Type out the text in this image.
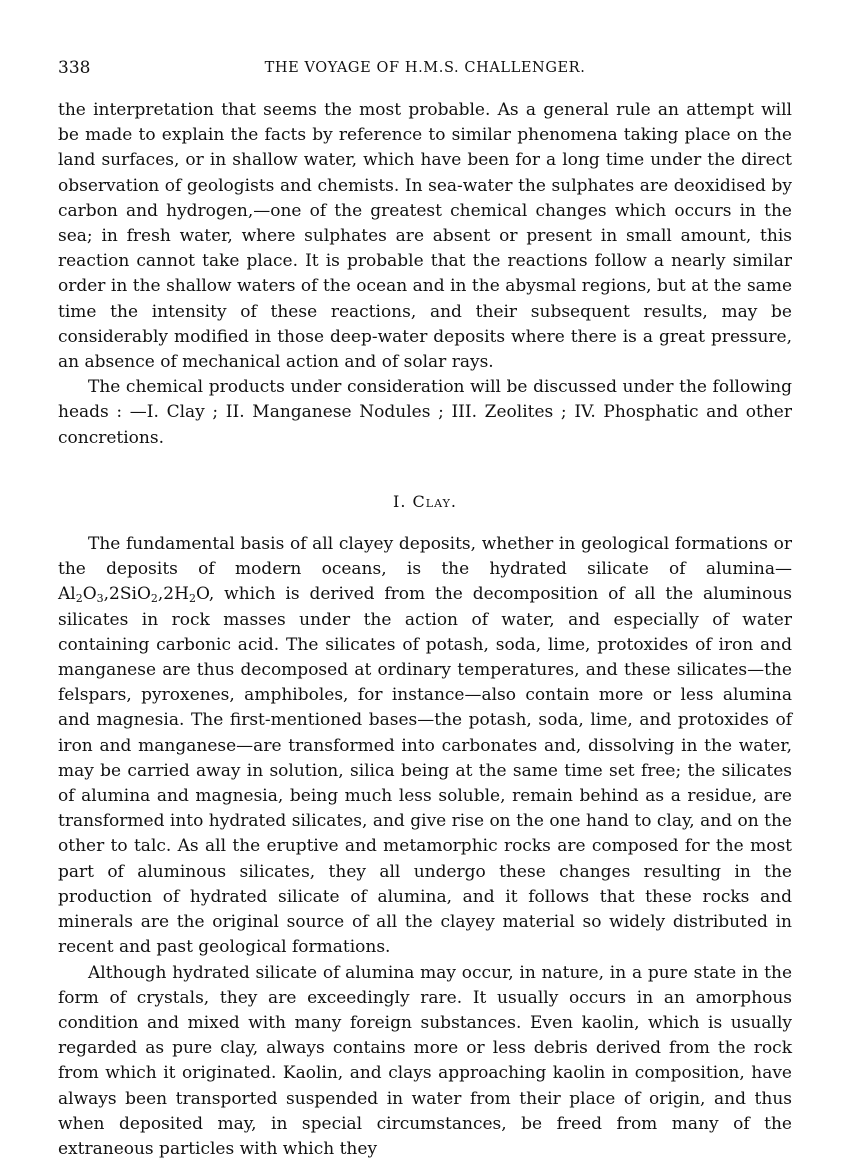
338	THE VOYAGE OF H.M.S. CHALLENGER.

the interpretation that seems the most probable. As a general rule an attempt will be made to explain the facts by reference to similar phenomena taking place on the land surfaces, or in shallow water, which have been for a long time under the direct observation of geologists and chemists. In sea-water the sulphates are deoxidised by carbon and hydrogen,—one of the greatest chemical changes which occurs in the sea; in fresh water, where sulphates are absent or present in small amount, this reaction cannot take place. It is probable that the reactions follow a nearly similar order in the shallow waters of the ocean and in the abysmal regions, but at the same time the intensity of these reactions, and their subsequent results, may be considerably modified in those deep-water deposits where there is a great pressure, an absence of mechanical action and of solar rays.

The chemical products under consideration will be discussed under the following heads : —I. Clay ; II. Manganese Nodules ; III. Zeolites ; IV. Phosphatic and other concretions.

I. Clay.

The fundamental basis of all clayey deposits, whether in geological formations or the deposits of modern oceans, is the hydrated silicate of $alumina—Al_2O_3,2SiO_2,2H_2O$, which is derived from the decomposition of all the aluminous silicates in rock masses under the action of water, and especially of water containing carbonic acid. The silicates of potash, soda, lime, protoxides of iron and manganese are thus decomposed at ordinary temperatures, and these silicates—the felspars, pyroxenes, amphiboles, for instance—also contain more or less alumina and magnesia. The first-mentioned bases—the potash, soda, lime, and protoxides of iron and manganese—are transformed into carbonates and, dissolving in the water, may be carried away in solution, silica being at the same time set free; the silicates of alumina and magnesia, being much less soluble, remain behind as a residue, are transformed into hydrated silicates, and give rise on the one hand to clay, and on the other to talc. As all the eruptive and metamorphic rocks are composed for the most part of aluminous silicates, they all undergo these changes resulting in the production of hydrated silicate of alumina, and it follows that these rocks and minerals are the original source of all the clayey material so widely distributed in recent and past geological formations.

Although hydrated silicate of alumina may occur, in nature, in a pure state in the form of crystals, they are exceedingly rare. It usually occurs in an amorphous condition and mixed with many foreign substances. Even kaolin, which is usually regarded as pure clay, always contains more or less debris derived from the rock from which it originated. Kaolin, and clays approaching kaolin in composition, have always been transported suspended in water from their place of origin, and thus when deposited may, in special circumstances, be freed from many of the extraneous particles with which they
